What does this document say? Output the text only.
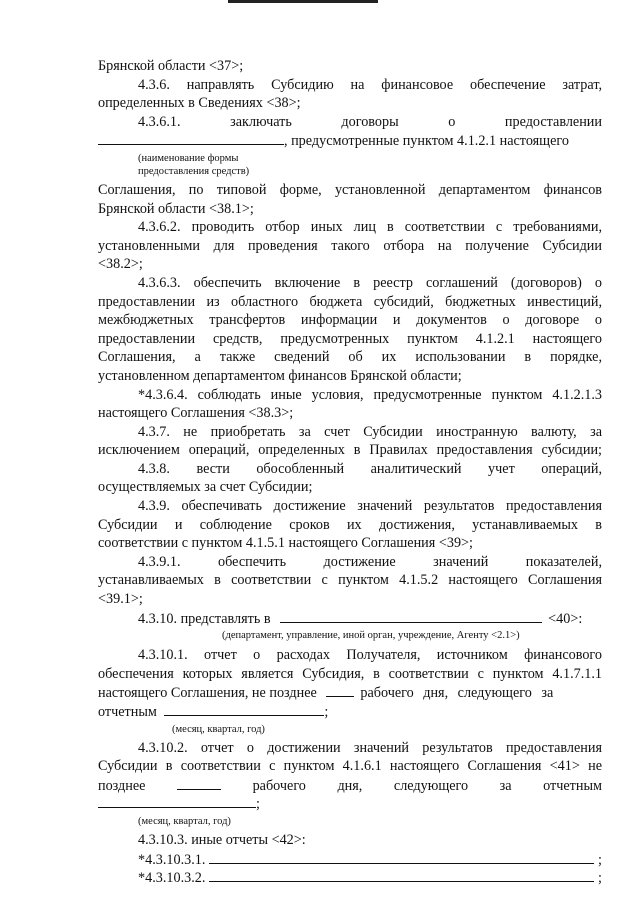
Брянской области <37>;
4.3.6. направлять Субсидию на финансовое обеспечение затрат,
определенных в Сведениях <38>;
4.3.6.1. заключать договоры о предоставлении
, предусмотренные пунктом 4.1.2.1 настоящего
(наименование формы
предоставления средств)
Соглашения, по типовой форме, установленной департаментом финансов
Брянской области <38.1>;
4.3.6.2. проводить отбор иных лиц в соответствии с требованиями,
установленными для проведения такого отбора на получение Субсидии
<38.2>;
4.3.6.3. обеспечить включение в реестр соглашений (договоров) о
предоставлении из областного бюджета субсидий, бюджетных инвестиций,
межбюджетных трансфертов информации и документов о договоре о
предоставлении средств, предусмотренных пунктом 4.1.2.1 настоящего
Соглашения, а также сведений об их использовании в порядке,
установленном департаментом финансов Брянской области;
*4.3.6.4. соблюдать иные условия, предусмотренные пунктом 4.1.2.1.3
настоящего Соглашения <38.3>;
4.3.7. не приобретать за счет Субсидии иностранную валюту, за
исключением операций, определенных в Правилах предоставления субсидии;
4.3.8. вести обособленный аналитический учет операций,
осуществляемых за счет Субсидии;
4.3.9. обеспечивать достижение значений результатов предоставления
Субсидии и соблюдение сроков их достижения, устанавливаемых в
соответствии с пунктом 4.1.5.1 настоящего Соглашения <39>;
4.3.9.1. обеспечить достижение значений показателей,
устанавливаемых в соответствии с пунктом 4.1.5.2 настоящего Соглашения
<39.1>;
4.3.10. представлять в	<40>:
(департамент, управление, иной орган, учреждение, Агенту <2.1>)
4.3.10.1. отчет о расходах Получателя, источником финансового
обеспечения которых является Субсидия, в соответствии с пунктом 4.1.7.1.1
настоящего Соглашения, не позднее	рабочего дня, следующего за
отчетным	;
(месяц, квартал, год)
4.3.10.2. отчет о достижении значений результатов предоставления
Субсидии в соответствии с пунктом 4.1.6.1 настоящего Соглашения <41> не
позднее	рабочего дня, следующего за отчетным
;
(месяц, квартал, год)
4.3.10.3. иные отчеты <42>:
*4.3.10.3.1.	;
*4.3.10.3.2.	;
